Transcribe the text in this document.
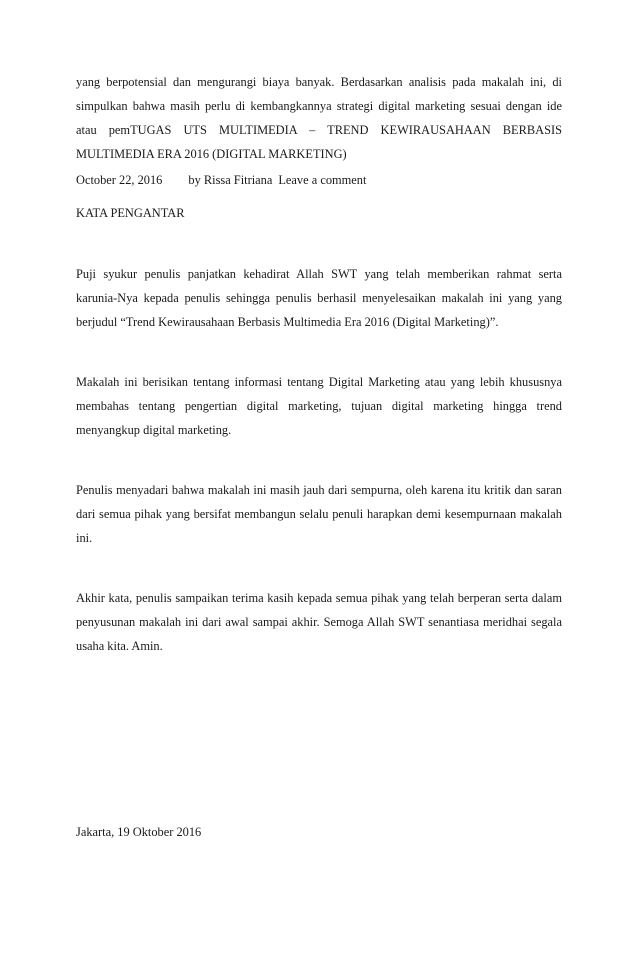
yang berpotensial dan mengurangi biaya banyak. Berdasarkan analisis pada makalah ini, di
simpulkan bahwa masih perlu di kembangkannya strategi digital marketing sesuai dengan ide
atau pemTUGAS UTS MULTIMEDIA – TREND KEWIRAUSAHAAN BERBASIS
MULTIMEDIA ERA 2016 (DIGITAL MARKETING)
October 22, 2016 by Rissa Fitriana Leave a comment
KATA PENGANTAR
Puji syukur penulis panjatkan kehadirat Allah SWT yang telah memberikan rahmat serta
karunia-Nya kepada penulis sehingga penulis berhasil menyelesaikan makalah ini yang yang
berjudul “Trend Kewirausahaan Berbasis Multimedia Era 2016 (Digital Marketing)”.
Makalah ini berisikan tentang informasi tentang Digital Marketing atau yang lebih khususnya
membahas tentang pengertian digital marketing, tujuan digital marketing hingga trend
menyangkup digital marketing.
Penulis menyadari bahwa makalah ini masih jauh dari sempurna, oleh karena itu kritik dan saran
dari semua pihak yang bersifat membangun selalu penuli harapkan demi kesempurnaan makalah
ini.
Akhir kata, penulis sampaikan terima kasih kepada semua pihak yang telah berperan serta dalam
penyusunan makalah ini dari awal sampai akhir. Semoga Allah SWT senantiasa meridhai segala
usaha kita. Amin.
Jakarta, 19 Oktober 2016
